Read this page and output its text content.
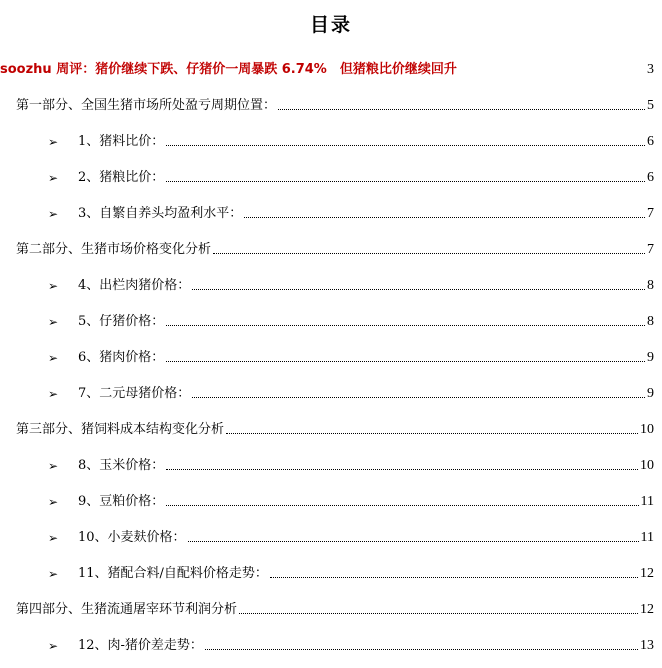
目录
soozhu 周评：猪价继续下跌、仔猪价一周暴跌 6.74%　但猪粮比价继续回升	3
第一部分、全国生猪市场所处盈亏周期位置：	5
➢	1、猪料比价：	6
➢	2、猪粮比价：	6
➢	3、自繁自养头均盈利水平：	7
第二部分、生猪市场价格变化分析	7
➢	4、出栏肉猪价格：	8
➢	5、仔猪价格：	8
➢	6、猪肉价格：	9
➢	7、二元母猪价格：	9
第三部分、猪饲料成本结构变化分析	10
➢	8、玉米价格：	10
➢	9、豆粕价格：	11
➢	10、小麦麸价格：	11
➢	11、猪配合料/自配料价格走势：	12
第四部分、生猪流通屠宰环节利润分析	12
➢	12、肉-猪价差走势：	13
